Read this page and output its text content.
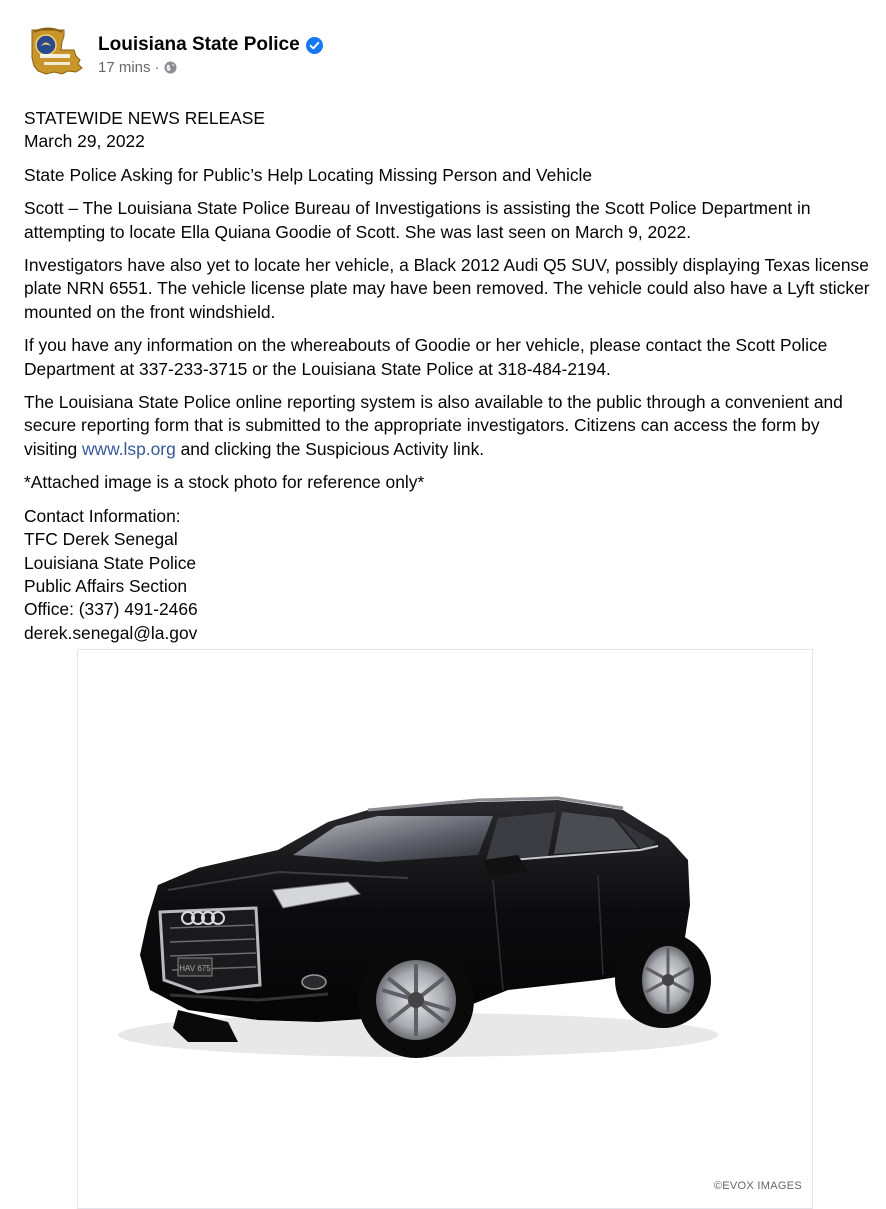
Louisiana State Police
17 mins ·

STATEWIDE NEWS RELEASE
March 29, 2022

State Police Asking for Public’s Help Locating Missing Person and Vehicle

Scott – The Louisiana State Police Bureau of Investigations is assisting the Scott Police Department in attempting to locate Ella Quiana Goodie of Scott. She was last seen on March 9, 2022.

Investigators have also yet to locate her vehicle, a Black 2012 Audi Q5 SUV, possibly displaying Texas license plate NRN 6551. The vehicle license plate may have been removed. The vehicle could also have a Lyft sticker mounted on the front windshield.

If you have any information on the whereabouts of Goodie or her vehicle, please contact the Scott Police Department at 337-233-3715 or the Louisiana State Police at 318-484-2194.

The Louisiana State Police online reporting system is also available to the public through a convenient and secure reporting form that is submitted to the appropriate investigators. Citizens can access the form by visiting www.lsp.org and clicking the Suspicious Activity link.

*Attached image is a stock photo for reference only*

Contact Information:
TFC Derek Senegal
Louisiana State Police
Public Affairs Section
Office: (337) 491-2466
derek.senegal@la.gov

HAV 675
©EVOX IMAGES
